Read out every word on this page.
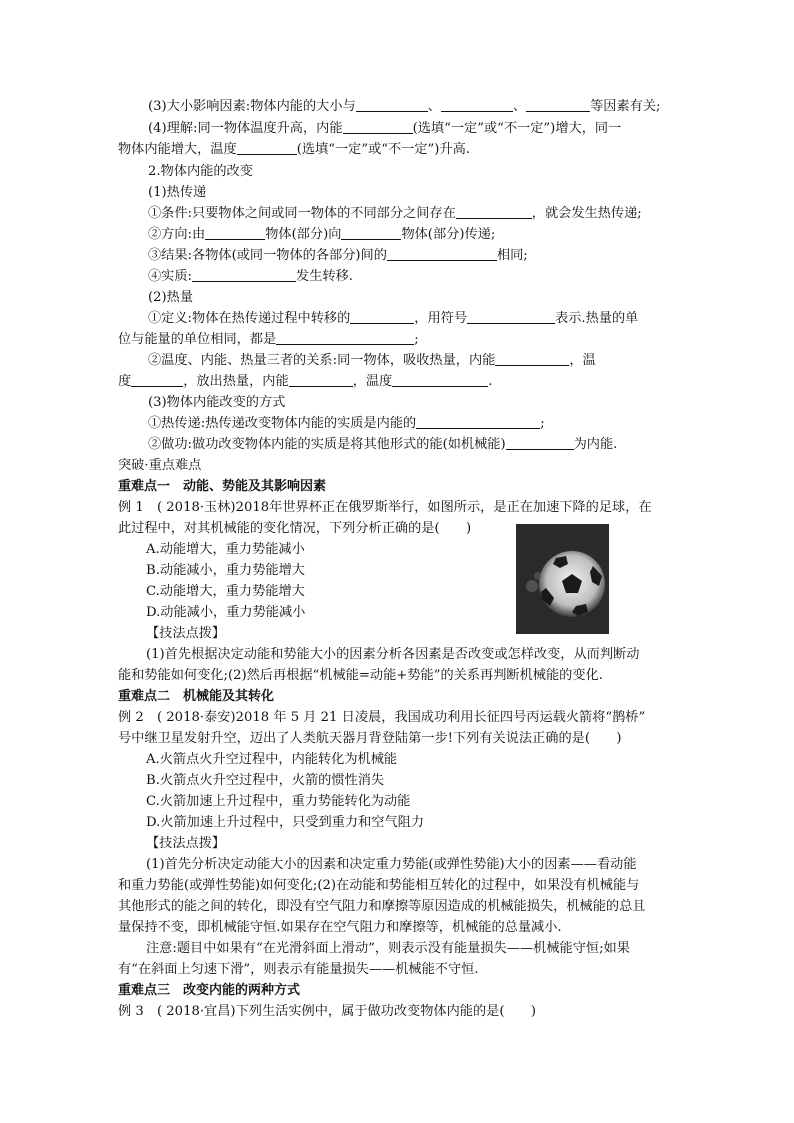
(3)大小影响因素:物体内能的大小与	、	、	等因素有关;
(4)理解:同一物体温度升高，内能	(选填“一定”或“不一定”)增大，同一
物体内能增大，温度	(选填“一定”或“不一定”)升高.
2.物体内能的改变
(1)热传递
①条件:只要物体之间或同一物体的不同部分之间存在	，就会发生热传递;
②方向:由	物体(部分)向	物体(部分)传递;
③结果:各物体(或同一物体的各部分)间的	相同;
④实质:	发生转移.
(2)热量
①定义:物体在热传递过程中转移的	，用符号	表示.热量的单
位与能量的单位相同，都是	;
②温度、内能、热量三者的关系:同一物体，吸收热量，内能	，温
度	，放出热量，内能	，温度	.
(3)物体内能改变的方式
①热传递:热传递改变物体内能的实质是内能的	;
②做功:做功改变物体内能的实质是将其他形式的能(如机械能)	为内能.
突破·重点难点
重难点一　动能、势能及其影响因素
例 1　( 2018·玉林)2018年世界杯正在俄罗斯举行，如图所示，是正在加速下降的足球，在
此过程中，对其机械能的变化情况，下列分析正确的是(　　)
A.动能增大，重力势能减小
B.动能减小，重力势能增大
C.动能增大，重力势能增大
D.动能减小，重力势能减小
【技法点拨】
(1)首先根据决定动能和势能大小的因素分析各因素是否改变或怎样改变，从而判断动
能和势能如何变化;(2)然后再根据“机械能=动能+势能”的关系再判断机械能的变化.
重难点二　机械能及其转化
例 2　( 2018·泰安)2018 年 5 月 21 日凌晨，我国成功利用长征四号丙运载火箭将“鹊桥”
号中继卫星发射升空，迈出了人类航天器月背登陆第一步!下列有关说法正确的是(　　)
A.火箭点火升空过程中，内能转化为机械能
B.火箭点火升空过程中，火箭的惯性消失
C.火箭加速上升过程中，重力势能转化为动能
D.火箭加速上升过程中，只受到重力和空气阻力
【技法点拨】
(1)首先分析决定动能大小的因素和决定重力势能(或弹性势能)大小的因素——看动能
和重力势能(或弹性势能)如何变化;(2)在动能和势能相互转化的过程中，如果没有机械能与
其他形式的能之间的转化，即没有空气阻力和摩擦等原因造成的机械能损失，机械能的总且
量保持不变，即机械能守恒.如果存在空气阻力和摩擦等，机械能的总量减小.
注意:题目中如果有“在光滑斜面上滑动”，则表示没有能量损失——机械能守恒;如果
有“在斜面上匀速下滑”，则表示有能量损失——机械能不守恒.
重难点三　改变内能的两种方式
例 3　( 2018·宜昌)下列生活实例中，属于做功改变物体内能的是(　　)
